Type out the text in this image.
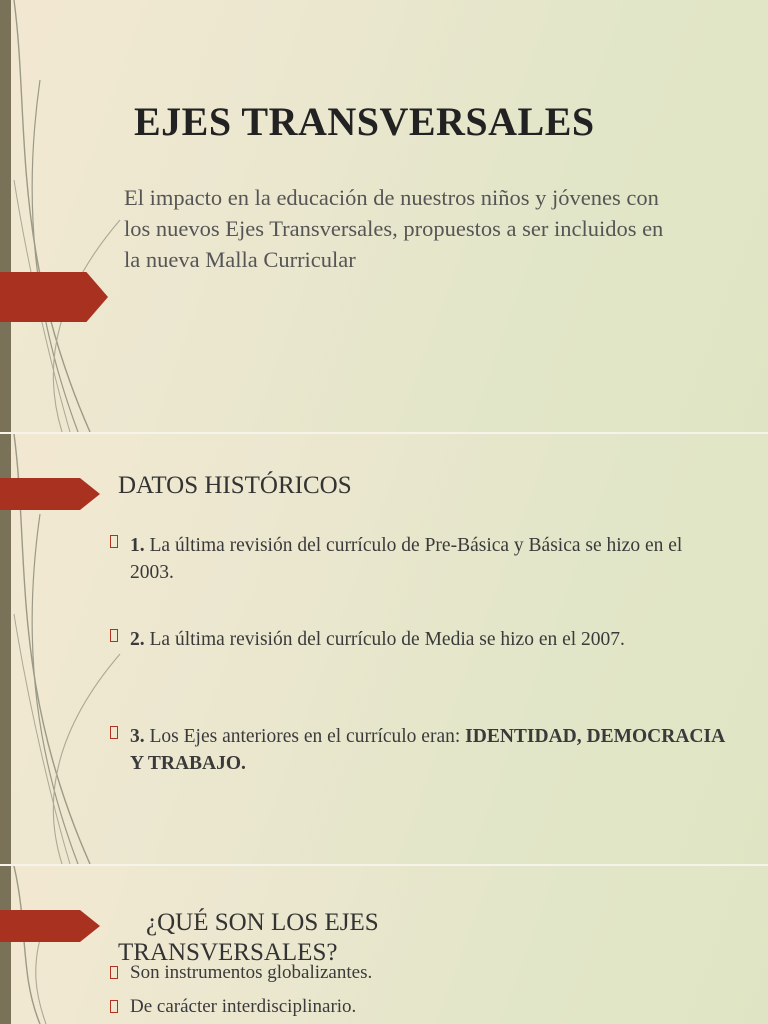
EJES TRANSVERSALES

El impacto en la educación de nuestros niños y jóvenes con los nuevos Ejes Transversales, propuestos a ser incluidos en la nueva Malla Curricular

DATOS HISTÓRICOS
1. La última revisión del currículo de Pre-Básica y Básica se hizo en el 2003.
2. La última revisión del currículo de Media se hizo en el 2007.
3. Los Ejes anteriores en el currículo eran: IDENTIDAD, DEMOCRACIA Y TRABAJO.
¿QUÉ SON LOS EJES TRANSVERSALES?
Son instrumentos globalizantes.
De carácter interdisciplinario.
